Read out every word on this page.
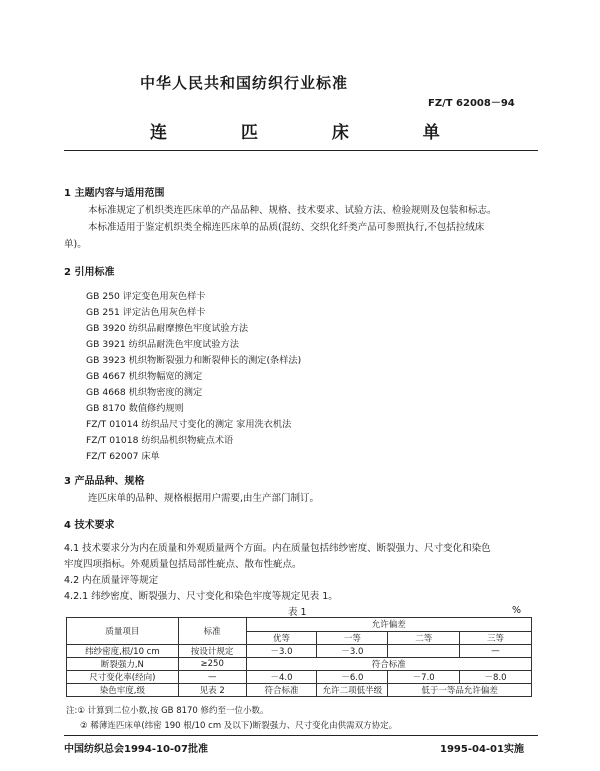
中华人民共和国纺织行业标准
FZ/T 62008－94
连 匹 床 单
1 主题内容与适用范围
本标准规定了机织类连匹床单的产品品种、规格、技术要求、试验方法、检验规则及包装和标志。
本标准适用于鉴定机织类全棉连匹床单的品质(混纺、交织化纤类产品可参照执行,不包括拉绒床
单)。
2 引用标准
GB 250 评定变色用灰色样卡
GB 251 评定沾色用灰色样卡
GB 3920 纺织品耐摩擦色牢度试验方法
GB 3921 纺织品耐洗色牢度试验方法
GB 3923 机织物断裂强力和断裂伸长的测定(条样法)
GB 4667 机织物幅宽的测定
GB 4668 机织物密度的测定
GB 8170 数值修约规则
FZ/T 01014 纺织品尺寸变化的测定 家用洗衣机法
FZ/T 01018 纺织品机织物疵点术语
FZ/T 62007 床单
3 产品品种、规格
连匹床单的品种、规格根据用户需要,由生产部门制订。
4 技术要求
4.1 技术要求分为内在质量和外观质量两个方面。内在质量包括纬纱密度、断裂强力、尺寸变化和染色
牢度四项指标。外观质量包括局部性疵点、散布性疵点。
4.2 内在质量评等规定
4.2.1 纬纱密度、断裂强力、尺寸变化和染色牢度等规定见表 1。
表 1	%
质量项目	标准	允许偏差			
		优等	一等	二等	三等
纬纱密度,根/10 cm	按设计规定	－3.0	－3.0		—
断裂强力,N	≥250	符合标准			
尺寸变化率(经向)	—	－4.0	－6.0	－7.0	－8.0
染色牢度,级	见表 2	符合标准	允许二项低半级	低于一等品允许偏差	
注:① 计算到二位小数,按 GB 8170 修约至一位小数。
② 稀薄连匹床单(纬密 190 根/10 cm 及以下)断裂强力、尺寸变化由供需双方协定。
中国纺织总会1994-10-07批准	1995-04-01实施
